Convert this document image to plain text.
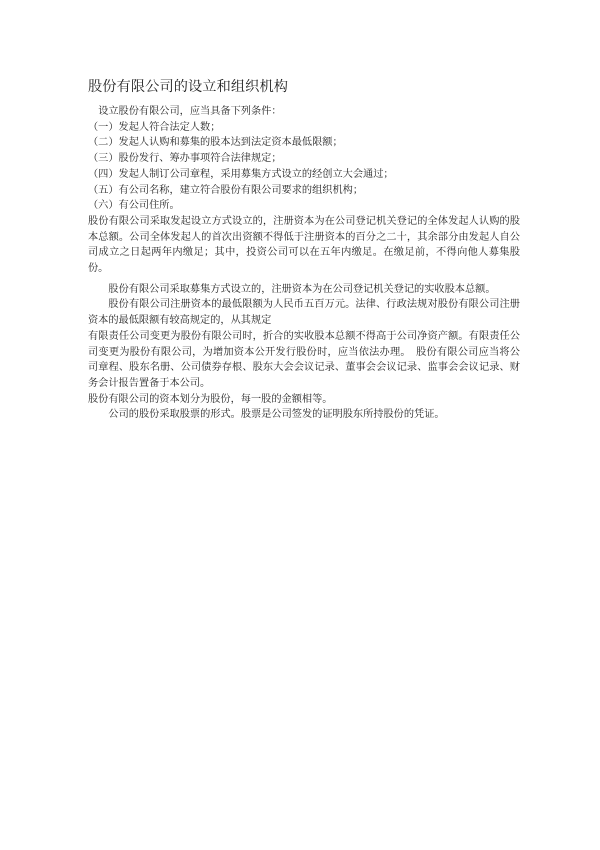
股份有限公司的设立和组织机构

设立股份有限公司，应当具备下列条件：

（一）发起人符合法定人数；

（二）发起人认购和募集的股本达到法定资本最低限额；

（三）股份发行、筹办事项符合法律规定；

（四）发起人制订公司章程，采用募集方式设立的经创立大会通过；

（五）有公司名称，建立符合股份有限公司要求的组织机构；

（六）有公司住所。

股份有限公司采取发起设立方式设立的，注册资本为在公司登记机关登记的全体发起人认购的股本总额。公司全体发起人的首次出资额不得低于注册资本的百分之二十，其余部分由发起人自公司成立之日起两年内缴足；其中，投资公司可以在五年内缴足。在缴足前，不得向他人募集股份。

股份有限公司采取募集方式设立的，注册资本为在公司登记机关登记的实收股本总额。

股份有限公司注册资本的最低限额为人民币五百万元。法律、行政法规对股份有限公司注册资本的最低限额有较高规定的，从其规定

有限责任公司变更为股份有限公司时，折合的实收股本总额不得高于公司净资产额。有限责任公司变更为股份有限公司，为增加资本公开发行股份时，应当依法办理。　股份有限公司应当将公司章程、股东名册、公司债券存根、股东大会会议记录、董事会会议记录、监事会会议记录、财务会计报告置备于本公司。

股份有限公司的资本划分为股份，每一股的金额相等。

公司的股份采取股票的形式。股票是公司签发的证明股东所持股份的凭证。
